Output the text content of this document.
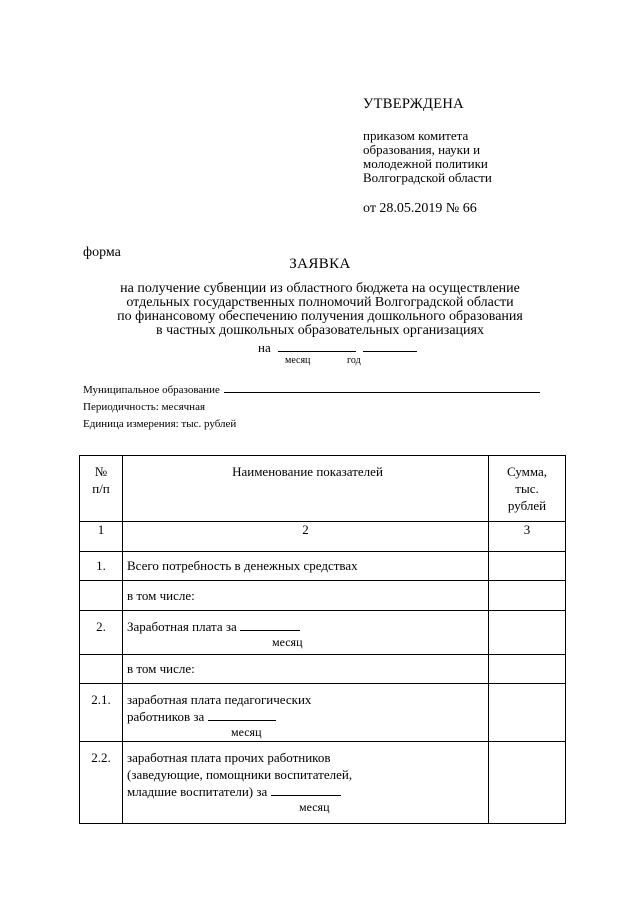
УТВЕРЖДЕНА
приказом комитета
образования, науки и
молодежной политики
Волгоградской области
от 28.05.2019 № 66
форма
ЗАЯВКА
на получение субвенции из областного бюджета на осуществление
отдельных государственных полномочий Волгоградской области
по финансовому обеспечению получения дошкольного образования
в частных дошкольных образовательных организациях
на
месяц	год
Муниципальное образование
Периодичность: месячная
Единица измерения: тыс. рублей
№
п/п	Наименование показателей	Сумма,
тыс.
рублей

1	2	3
1.	Всего потребность в денежных средствах	
	в том числе:	

2.	Заработная плата за
месяц	

	в том числе:	

2.1.	заработная плата педагогических
работников за
месяц	

2.2.	заработная плата прочих работников
(заведующие, помощники воспитателей,
младшие воспитатели) за
месяц	
